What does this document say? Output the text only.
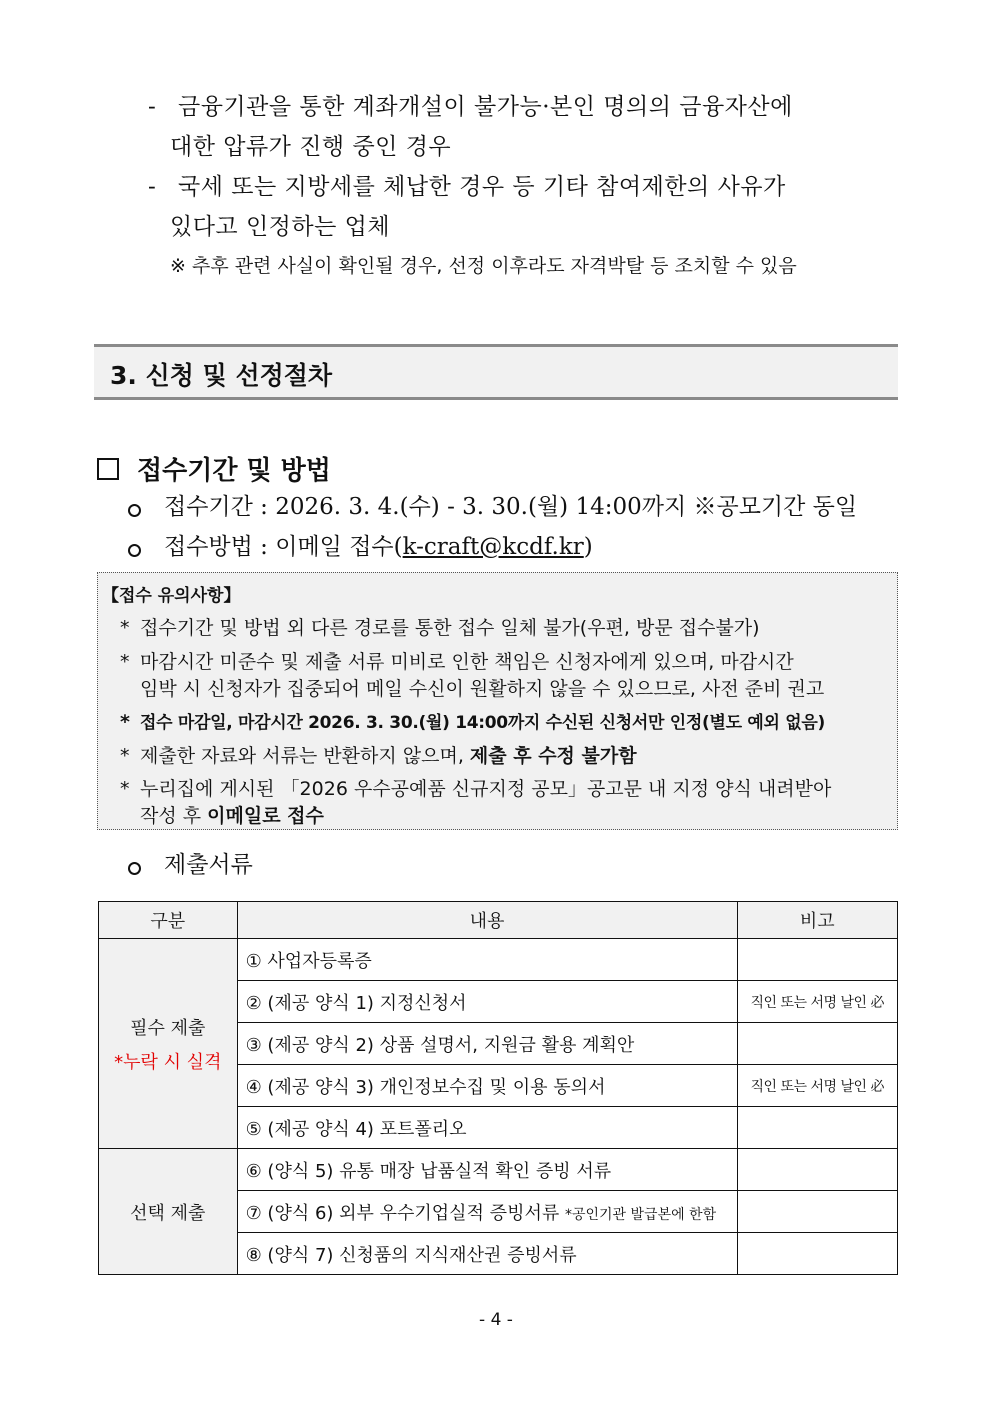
- 금융기관을 통한 계좌개설이 불가능·본인 명의의 금융자산에
대한 압류가 진행 중인 경우
- 국세 또는 지방세를 체납한 경우 등 기타 참여제한의 사유가
있다고 인정하는 업체
※ 추후 관련 사실이 확인될 경우, 선정 이후라도 자격박탈 등 조치할 수 있음
3. 신청 및 선정절차
접수기간 및 방법
접수기간 : 2026. 3. 4.(수) - 3. 30.(월) 14:00까지 ※공모기간 동일
접수방법 : 이메일 접수(k-craft@kcdf.kr)
【접수 유의사항】
* 접수기간 및 방법 외 다른 경로를 통한 접수 일체 불가(우편, 방문 접수불가)
* 마감시간 미준수 및 제출 서류 미비로 인한 책임은 신청자에게 있으며, 마감시간
임박 시 신청자가 집중되어 메일 수신이 원활하지 않을 수 있으므로, 사전 준비 권고
* 접수 마감일, 마감시간 2026. 3. 30.(월) 14:00까지 수신된 신청서만 인정(별도 예외 없음)
* 제출한 자료와 서류는 반환하지 않으며, 제출 후 수정 불가함
* 누리집에 게시된 「2026 우수공예품 신규지정 공모」공고문 내 지정 양식 내려받아
작성 후 이메일로 접수
제출서류
구분	내용	비고

필수 제출
*누락 시 실격	① 사업자등록증	
	② (제공 양식 1) 지정신청서	직인 또는 서명 날인 必
	③ (제공 양식 2) 상품 설명서, 지원금 활용 계획안	
	④ (제공 양식 3) 개인정보수집 및 이용 동의서	직인 또는 서명 날인 必
	⑤ (제공 양식 4) 포트폴리오	

선택 제출	⑥ (양식 5) 유통 매장 납품실적 확인 증빙 서류	
	⑦ (양식 6) 외부 우수기업실적 증빙서류 *공인기관 발급본에 한함	
	⑧ (양식 7) 신청품의 지식재산권 증빙서류	
- 4 -
